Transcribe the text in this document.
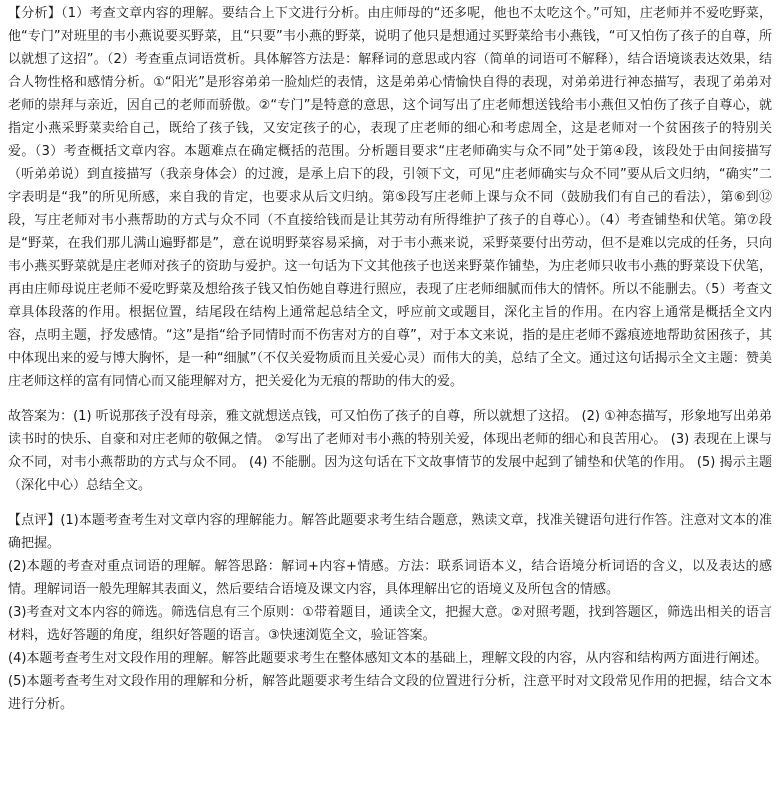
【分析】（1）考查文章内容的理解。要结合上下文进行分析。由庄师母的“还多呢，他也不太吃这个。”可知，庄老师并不爱吃野菜，他“专门”对班里的韦小燕说要买野菜，且“只要”韦小燕的野菜，说明了他只是想通过买野菜给韦小燕钱，“可又怕伤了孩子的自尊，所以就想了这招”。（2）考查重点词语赏析。具体解答方法是：解释词的意思或内容（简单的词语可不解释），结合语境谈表达效果，结合人物性格和感情分析。①“阳光”是形容弟弟一脸灿烂的表情，这是弟弟心情愉快自得的表现，对弟弟进行神态描写，表现了弟弟对老师的崇拜与亲近，因自己的老师而骄傲。②“专门”是特意的意思，这个词写出了庄老师想送钱给韦小燕但又怕伤了孩子自尊心，就指定小燕采野菜卖给自己，既给了孩子钱，又安定孩子的心，表现了庄老师的细心和考虑周全，这是老师对一个贫困孩子的特别关爱。（3）考查概括文章内容。本题难点在确定概括的范围。分析题目要求“庄老师确实与众不同”处于第④段，该段处于由间接描写（听弟弟说）到直接描写（我亲身体会）的过渡，是承上启下的段，引领下文，可见“庄老师确实与众不同”要从后文归纳，“确实”二字表明是“我”的所见所感，来自我的肯定，也要求从后文归纳。第⑤段写庄老师上课与众不同（鼓励我们有自己的看法），第⑥到⑫段，写庄老师对韦小燕帮助的方式与众不同（不直接给钱而是让其劳动有所得维护了孩子的自尊心）。（4）考查铺垫和伏笔。第⑦段是“野菜，在我们那儿满山遍野都是”，意在说明野菜容易采摘，对于韦小燕来说，采野菜要付出劳动，但不是难以完成的任务，只向韦小燕买野菜就是庄老师对孩子的资助与爱护。这一句话为下文其他孩子也送来野菜作铺垫，为庄老师只收韦小燕的野菜设下伏笔，再由庄师母说庄老师不爱吃野菜及想给孩子钱又怕伤她自尊进行照应，表现了庄老师细腻而伟大的情怀。所以不能删去。（5）考查文章具体段落的作用。根据位置，结尾段在结构上通常起总结全文，呼应前文或题目，深化主旨的作用。在内容上通常是概括全文内容，点明主题，抒发感情。“这”是指“给予同情时而不伤害对方的自尊”，对于本文来说，指的是庄老师不露痕迹地帮助贫困孩子，其中体现出来的爱与博大胸怀，是一种“细腻”（不仅关爱物质而且关爱心灵）而伟大的美，总结了全文。通过这句话揭示全文主题：赞美庄老师这样的富有同情心而又能理解对方，把关爱化为无痕的帮助的伟大的爱。

故答案为：(1) 听说那孩子没有母亲，雅文就想送点钱，可又怕伤了孩子的自尊，所以就想了这招。 (2) ①神态描写，形象地写出弟弟读书时的快乐、自豪和对庄老师的敬佩之情。 ②写出了老师对韦小燕的特别关爱，体现出老师的细心和良苦用心。 (3) 表现在上课与众不同，对韦小燕帮助的方式与众不同。 (4) 不能删。因为这句话在下文故事情节的发展中起到了铺垫和伏笔的作用。 (5) 揭示主题（深化中心）总结全文。

【点评】(1)本题考查考生对文章内容的理解能力。解答此题要求考生结合题意，熟读文章，找准关键语句进行作答。注意对文本的准确把握。

(2)本题的考查对重点词语的理解。解答思路：解词+内容+情感。方法：联系词语本义，结合语境分析词语的含义，以及表达的感情。理解词语一般先理解其表面义，然后要结合语境及课文内容，具体理解出它的语境义及所包含的情感。

(3)考查对文本内容的筛选。筛选信息有三个原则：①带着题目，通读全文，把握大意。②对照考题，找到答题区，筛选出相关的语言材料，选好答题的角度，组织好答题的语言。③快速浏览全文，验证答案。

(4)本题考查考生对文段作用的理解。解答此题要求考生在整体感知文本的基础上，理解文段的内容，从内容和结构两方面进行阐述。

(5)本题考查考生对文段作用的理解和分析，解答此题要求考生结合文段的位置进行分析，注意平时对文段常见作用的把握，结合文本进行分析。
